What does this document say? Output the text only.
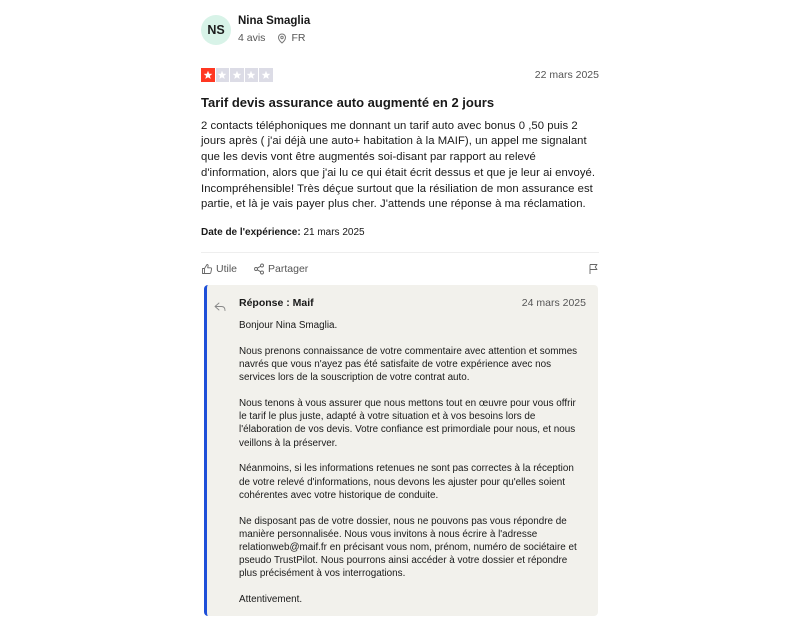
NS
Nina Smaglia
4 avis FR
22 mars 2025
Tarif devis assurance auto augmenté en 2 jours
2 contacts téléphoniques me donnant un tarif auto avec bonus 0 ,50 puis 2 jours après ( j'ai déjà une auto+ habitation à la MAIF), un appel me signalant que les devis vont être augmentés soi-disant par rapport au relevé d'information, alors que j'ai lu ce qui était écrit dessus et que je leur ai envoyé. Incompréhensible! Très déçue surtout que la résiliation de mon assurance est partie, et là je vais payer plus cher. J'attends une réponse à ma réclamation.
Date de l'expérience: 21 mars 2025
Utile	Partager
Réponse : Maif	24 mars 2025

Bonjour Nina Smaglia.

Nous prenons connaissance de votre commentaire avec attention et sommes navrés que vous n'ayez pas été satisfaite de votre expérience avec nos services lors de la souscription de votre contrat auto.

Nous tenons à vous assurer que nous mettons tout en œuvre pour vous offrir le tarif le plus juste, adapté à votre situation et à vos besoins lors de l'élaboration de vos devis. Votre confiance est primordiale pour nous, et nous veillons à la préserver.

Néanmoins, si les informations retenues ne sont pas correctes à la réception de votre relevé d'informations, nous devons les ajuster pour qu'elles soient cohérentes avec votre historique de conduite.

Ne disposant pas de votre dossier, nous ne pouvons pas vous répondre de manière personnalisée. Nous vous invitons à nous écrire à l'adresse relationweb@maif.fr en précisant vous nom, prénom, numéro de sociétaire et pseudo TrustPilot. Nous pourrons ainsi accéder à votre dossier et répondre plus précisément à vos interrogations.

Attentivement.
